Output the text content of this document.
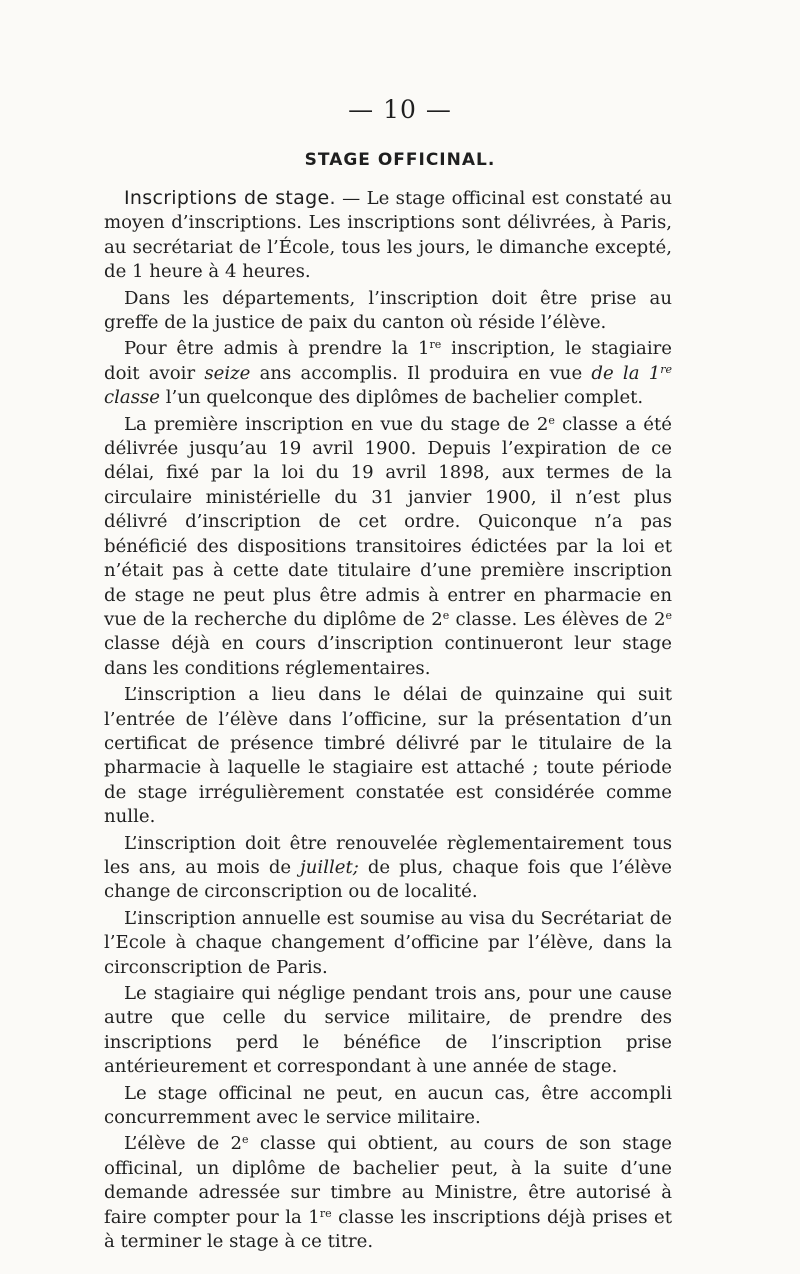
— 10 —
STAGE OFFICINAL.

Inscriptions de stage. — Le stage officinal est constaté au moyen d’inscriptions. Les inscriptions sont délivrées, à Paris, au secrétariat de l’École, tous les jours, le dimanche excepté, de 1 heure à 4 heures.

Dans les départements, l’inscription doit être prise au greffe de la justice de paix du canton où réside l’élève.

Pour être admis à prendre la 1re inscription, le stagiaire doit avoir seize ans accomplis. Il produira en vue de la 1re classe l’un quelconque des diplômes de bachelier complet.

La première inscription en vue du stage de 2e classe a été délivrée jusqu’au 19 avril 1900. Depuis l’expiration de ce délai, fixé par la loi du 19 avril 1898, aux termes de la circulaire ministérielle du 31 janvier 1900, il n’est plus délivré d’inscription de cet ordre. Quiconque n’a pas bénéficié des dispositions transitoires édictées par la loi et n’était pas à cette date titulaire d’une première inscription de stage ne peut plus être admis à entrer en pharmacie en vue de la recherche du diplôme de 2e classe. Les élèves de 2e classe déjà en cours d’inscription continueront leur stage dans les conditions réglementaires.

L’inscription a lieu dans le délai de quinzaine qui suit l’entrée de l’élève dans l’officine, sur la présentation d’un certificat de présence timbré délivré par le titulaire de la pharmacie à laquelle le stagiaire est attaché ; toute période de stage irrégulièrement constatée est considérée comme nulle.

L’inscription doit être renouvelée règlementairement tous les ans, au mois de juillet; de plus, chaque fois que l’élève change de circonscription ou de localité.

L’inscription annuelle est soumise au visa du Secrétariat de l’Ecole à chaque changement d’officine par l’élève, dans la circonscription de Paris.

Le stagiaire qui néglige pendant trois ans, pour une cause autre que celle du service militaire, de prendre des inscriptions perd le bénéfice de l’inscription prise antérieurement et correspondant à une année de stage.

Le stage officinal ne peut, en aucun cas, être accompli concurremment avec le service militaire.

L’élève de 2e classe qui obtient, au cours de son stage officinal, un diplôme de bachelier peut, à la suite d’une demande adressée sur timbre au Ministre, être autorisé à faire compter pour la 1re classe les inscriptions déjà prises et à terminer le stage à ce titre.
